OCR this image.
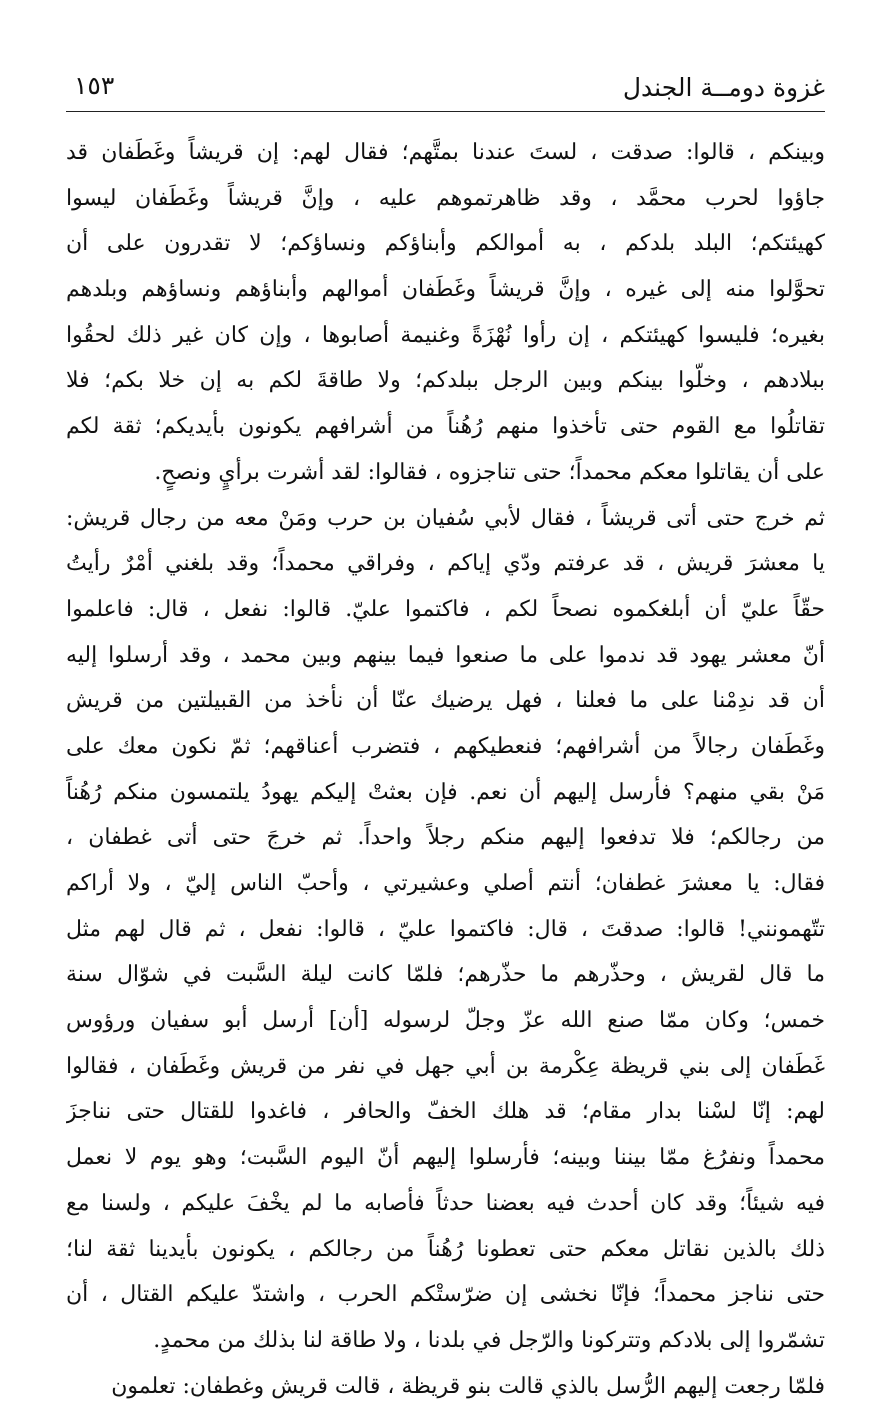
غزوة دومــة الجندل
١٥٣
وبينكم ، قالوا: صدقت ، لستَ عندنا بمتَّهم؛ فقال لهم: إن قريشاً وغَطَفان قد
جاؤوا لحرب محمَّد ، وقد ظاهرتموهم عليه ، وإنَّ قريشاً وغَطَفان ليسوا
كهيئتكم؛ البلد بلدكم ، به أموالكم وأبناؤكم ونساؤكم؛ لا تقدرون على أن
تحوَّلوا منه إلى غيره ، وإنَّ قريشاً وغَطَفان أموالهم وأبناؤهم ونساؤهم وبلدهم
بغيره؛ فليسوا كهيئتكم ، إن رأوا نُهْزَةً وغنيمة أصابوها ، وإن كان غير ذلك لحقُوا
ببلادهم ، وخلّوا بينكم وبين الرجل ببلدكم؛ ولا طاقةَ لكم به إن خلا بكم؛ فلا
تقاتلُوا مع القوم حتى تأخذوا منهم رُهُناً من أشرافهم يكونون بأيديكم؛ ثقة لكم
على أن يقاتلوا معكم محمداً؛ حتى تناجزوه ، فقالوا: لقد أشرت برأيٍ ونصحٍ.
ثم خرج حتى أتى قريشاً ، فقال لأبي سُفيان بن حرب ومَنْ معه من رجال قريش:
يا معشرَ قريش ، قد عرفتم ودّي إياكم ، وفراقي محمداً؛ وقد بلغني أمْرٌ رأيتُ
حقّاً عليّ أن أبلغكموه نصحاً لكم ، فاكتموا عليّ. قالوا: نفعل ، قال: فاعلموا
أنّ معشر يهود قد ندموا على ما صنعوا فيما بينهم وبين محمد ، وقد أرسلوا إليه
أن قد ندِمْنا على ما فعلنا ، فهل يرضيك عنّا أن نأخذ من القبيلتين من قريش
وغَطَفان رجالاً من أشرافهم؛ فنعطيكهم ، فتضرب أعناقهم؛ ثمّ نكون معك على
مَنْ بقي منهم؟ فأرسل إليهم أن نعم. فإن بعثتْ إليكم يهودُ يلتمسون منكم رُهُناً
من رجالكم؛ فلا تدفعوا إليهم منكم رجلاً واحداً. ثم خرجَ حتى أتى غطفان ،
فقال: يا معشرَ غطفان؛ أنتم أصلي وعشيرتي ، وأحبّ الناس إليّ ، ولا أراكم
تتّهمونني! قالوا: صدقتَ ، قال: فاكتموا عليّ ، قالوا: نفعل ، ثم قال لهم مثل
ما قال لقريش ، وحذّرهم ما حذّرهم؛ فلمّا كانت ليلة السَّبت في شوّال سنة
خمس؛ وكان ممّا صنع الله عزّ وجلّ لرسوله [أن] أرسل أبو سفيان ورؤوس
غَطَفان إلى بني قريظة عِكْرمة بن أبي جهل في نفر من قريش وغَطَفان ، فقالوا
لهم: إنّا لسْنا بدار مقام؛ قد هلك الخفّ والحافر ، فاغدوا للقتال حتى نناجزَ
محمداً ونفرُغ ممّا بيننا وبينه؛ فأرسلوا إليهم أنّ اليوم السَّبت؛ وهو يوم لا نعمل
فيه شيئاً؛ وقد كان أحدث فيه بعضنا حدثاً فأصابه ما لم يخْفَ عليكم ، ولسنا مع
ذلك بالذين نقاتل معكم حتى تعطونا رُهُناً من رجالكم ، يكونون بأيدينا ثقة لنا؛
حتى نناجز محمداً؛ فإنّا نخشى إن ضرّستْكم الحرب ، واشتدّ عليكم القتال ، أن
تشمّروا إلى بلادكم وتتركونا والرّجل في بلدنا ، ولا طاقة لنا بذلك من محمدٍ.
فلمّا رجعت إليهم الرُّسل بالذي قالت بنو قريظة ، قالت قريش وغطفان: تعلمون
